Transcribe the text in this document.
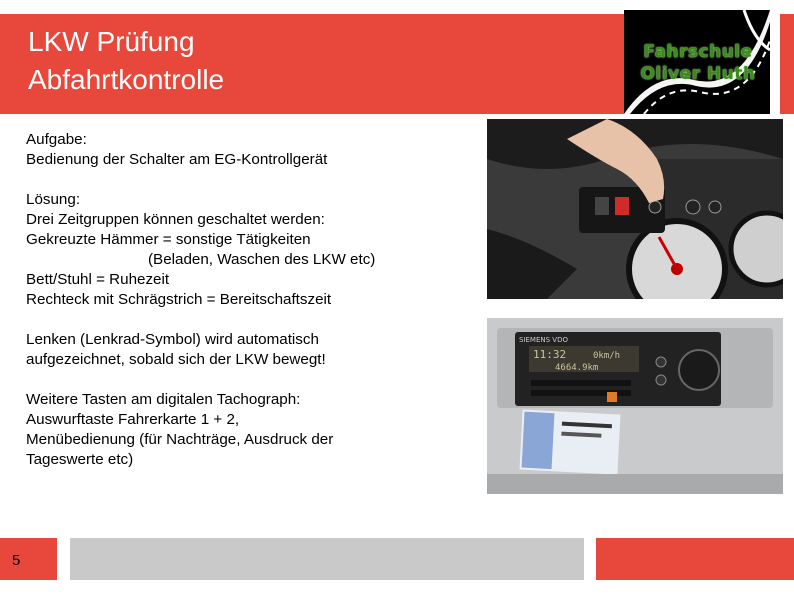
LKW Prüfung
Abfahrtkontrolle
Fahrschule
Oliver Huth

Aufgabe:

Bedienung der Schalter am EG-Kontrollgerät

Lösung:

Drei Zeitgruppen können geschaltet werden:

Gekreuzte Hämmer = sonstige Tätigkeiten

(Beladen, Waschen des LKW etc)

Bett/Stuhl = Ruhezeit

Rechteck mit Schrägstrich = Bereitschaftszeit

Lenken (Lenkrad-Symbol) wird automatisch

aufgezeichnet, sobald sich der LKW bewegt!

Weitere Tasten am digitalen Tachograph:

Auswurftaste Fahrerkarte 1 + 2,

Menübedienung (für Nachträge, Ausdruck der

Tageswerte etc)

SIEMENS VDO
11:32	0km/h
4664.9km
5
